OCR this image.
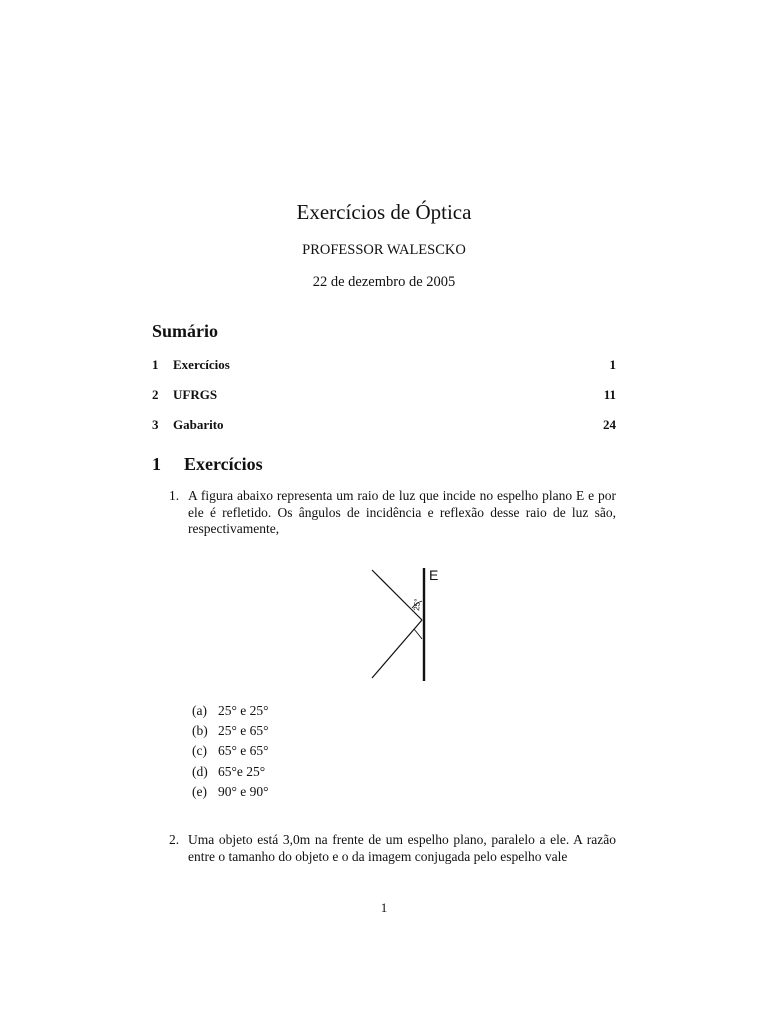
Exercícios de Óptica
PROFESSOR WALESCKO
22 de dezembro de 2005
Sumário
1 Exercícios	1
2 UFRGS	11
3 Gabarito	24
1 Exercícios
1. A figura abaixo representa um raio de luz que incide no espelho plano E e por ele é refletido. Os ângulos de incidência e reflexão desse raio de luz são, respectivamente,
25°
E
(a) 25° e 25°
(b) 25° e 65°
(c) 65° e 65°
(d) 65°e 25°
(e) 90° e 90°
2. Uma objeto está 3,0m na frente de um espelho plano, paralelo a ele. A razão entre o tamanho do objeto e o da imagem conjugada pelo espelho vale
1
